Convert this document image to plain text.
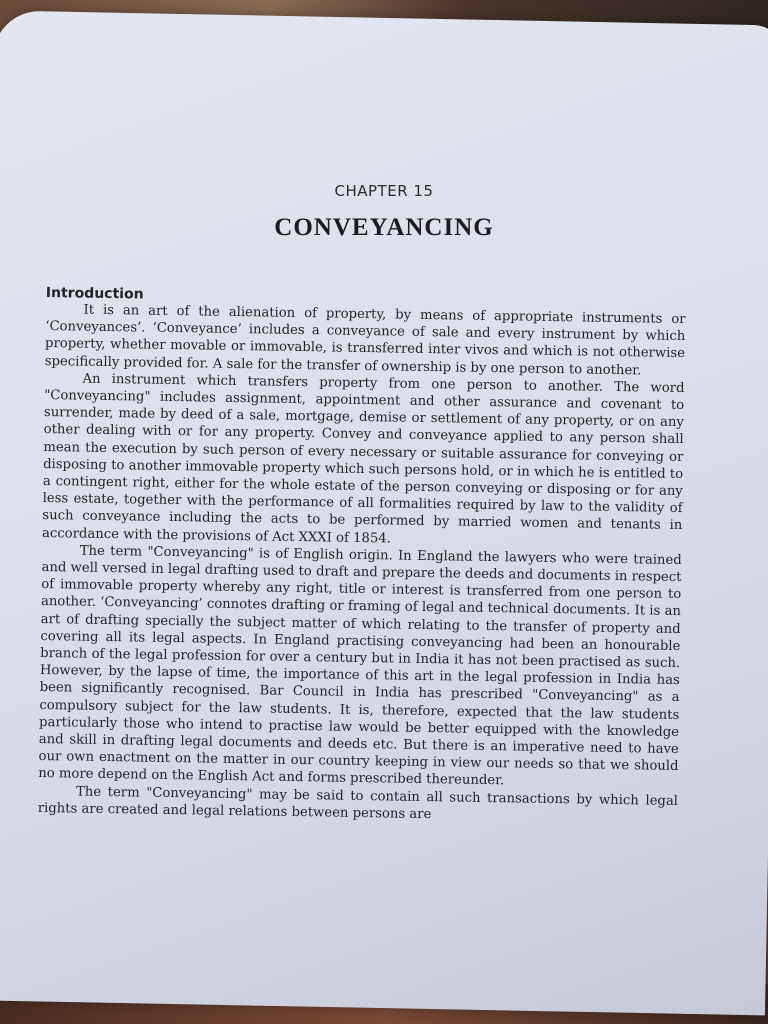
CHAPTER 15
CONVEYANCING
Introduction

It is an art of the alienation of property, by means of appropriate instruments or ‘Conveyances’. ‘Conveyance’ includes a conveyance of sale and every instrument by which property, whether movable or immovable, is transferred inter vivos and which is not otherwise specifically provided for. A sale for the transfer of ownership is by one person to another.

An instrument which transfers property from one person to another. The word "Conveyancing" includes assignment, appointment and other assurance and covenant to surrender, made by deed of a sale, mortgage, demise or settlement of any property, or on any other dealing with or for any property. Convey and conveyance applied to any person shall mean the execution by such person of every necessary or suitable assurance for conveying or disposing to another immovable property which such persons hold, or in which he is entitled to a contingent right, either for the whole estate of the person conveying or disposing or for any less estate, together with the performance of all formalities required by law to the validity of such conveyance including the acts to be performed by married women and tenants in accordance with the provisions of Act XXXI of 1854.

The term "Conveyancing" is of English origin. In England the lawyers who were trained and well versed in legal drafting used to draft and prepare the deeds and documents in respect of immovable property whereby any right, title or interest is transferred from one person to another. ‘Conveyancing’ connotes drafting or framing of legal and technical documents. It is an art of drafting specially the subject matter of which relating to the transfer of property and covering all its legal aspects. In England practising conveyancing had been an honourable branch of the legal profession for over a century but in India it has not been practised as such. However, by the lapse of time, the importance of this art in the legal profession in India has been significantly recognised. Bar Council in India has prescribed "Conveyancing" as a compulsory subject for the law students. It is, therefore, expected that the law students particularly those who intend to practise law would be better equipped with the knowledge and skill in drafting legal documents and deeds etc. But there is an imperative need to have our own enactment on the matter in our country keeping in view our needs so that we should no more depend on the English Act and forms prescribed thereunder.

The term "Conveyancing" may be said to contain all such transactions by which legal rights are created and legal relations between persons are
